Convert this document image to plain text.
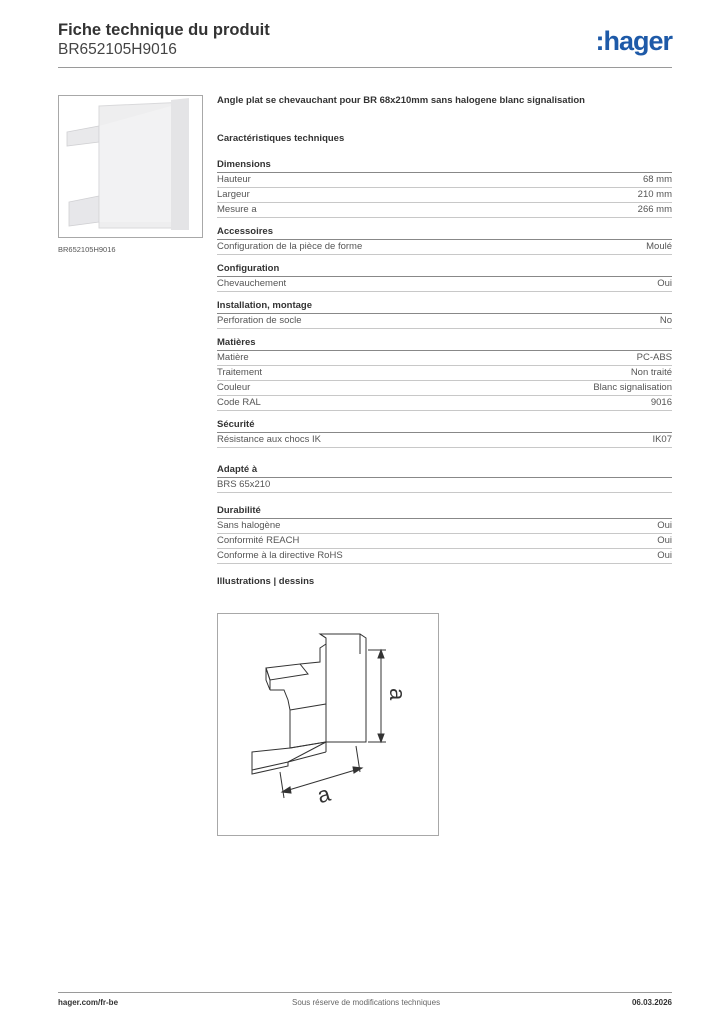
Fiche technique du produit
BR652105H9016	:hager
BR652105H9016
Angle plat se chevauchant pour BR 68x210mm sans halogene blanc signalisation
Caractéristiques techniques
Dimensions
Hauteur	68 mm
Largeur	210 mm
Mesure a	266 mm
Accessoires
Configuration de la pièce de forme	Moulé
Configuration
Chevauchement	Oui
Installation, montage
Perforation de socle	No
Matières
Matière	PC-ABS
Traitement	Non traité
Couleur	Blanc signalisation
Code RAL	9016
Sécurité
Résistance aux chocs IK	IK07
Adapté à
BRS 65x210
Durabilité
Sans halogène	Oui
Conformité REACH	Oui
Conforme à la directive RoHS	Oui
Illustrations | dessins
a
a
hager.com/fr-be	Sous réserve de modifications techniques	06.03.2026
